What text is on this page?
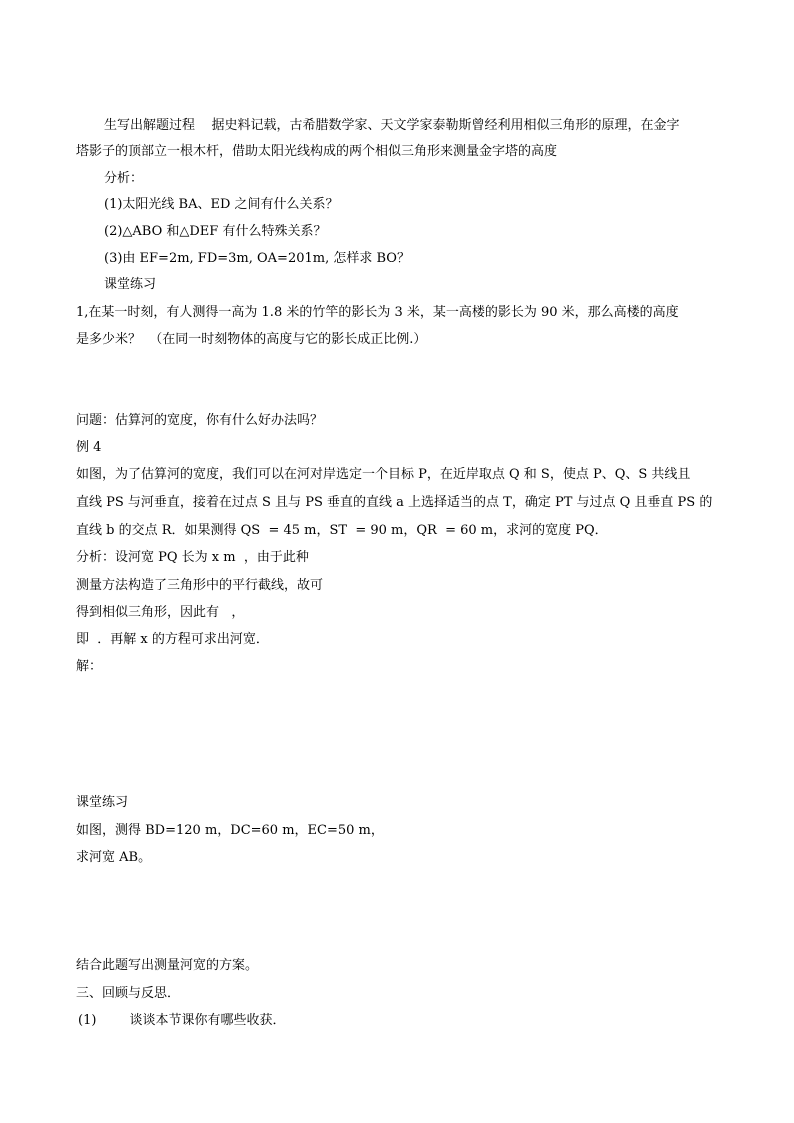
生写出解题过程    据史料记载，古希腊数学家、天文学家泰勒斯曾经利用相似三角形的原理，在金字
塔影子的顶部立一根木杆，借助太阳光线构成的两个相似三角形来测量金字塔的高度
分析：
(1)太阳光线 BA、ED 之间有什么关系？
(2)△ABO 和△DEF 有什么特殊关系？
(3)由 EF=2m, FD=3m, OA=201m, 怎样求 BO？
课堂练习
1,在某一时刻，有人测得一高为 1.8 米的竹竿的影长为 3 米，某一高楼的影长为 90 米，那么高楼的高度
是多少米？  （在同一时刻物体的高度与它的影长成正比例.）
问题：估算河的宽度，你有什么好办法吗？
例 4
如图，为了估算河的宽度，我们可以在河对岸选定一个目标 P，在近岸取点 Q 和 S，使点 P、Q、S 共线且
直线 PS 与河垂直，接着在过点 S 且与 PS 垂直的直线 a 上选择适当的点 T，确定 PT 与过点 Q 且垂直 PS 的
直线 b 的交点 R．如果测得 QS  = 45 m，ST  = 90 m，QR  = 60 m，求河的宽度 PQ．
分析：设河宽 PQ 长为 x m  ，由于此种
测量方法构造了三角形中的平行截线，故可
得到相似三角形，因此有   ，
即  ．再解 x 的方程可求出河宽．
解：
课堂练习
如图，测得 BD=120 m，DC=60 m，EC=50 m，
求河宽 AB。
结合此题写出测量河宽的方案。
三、回顾与反思．
(1)        谈谈本节课你有哪些收获．
